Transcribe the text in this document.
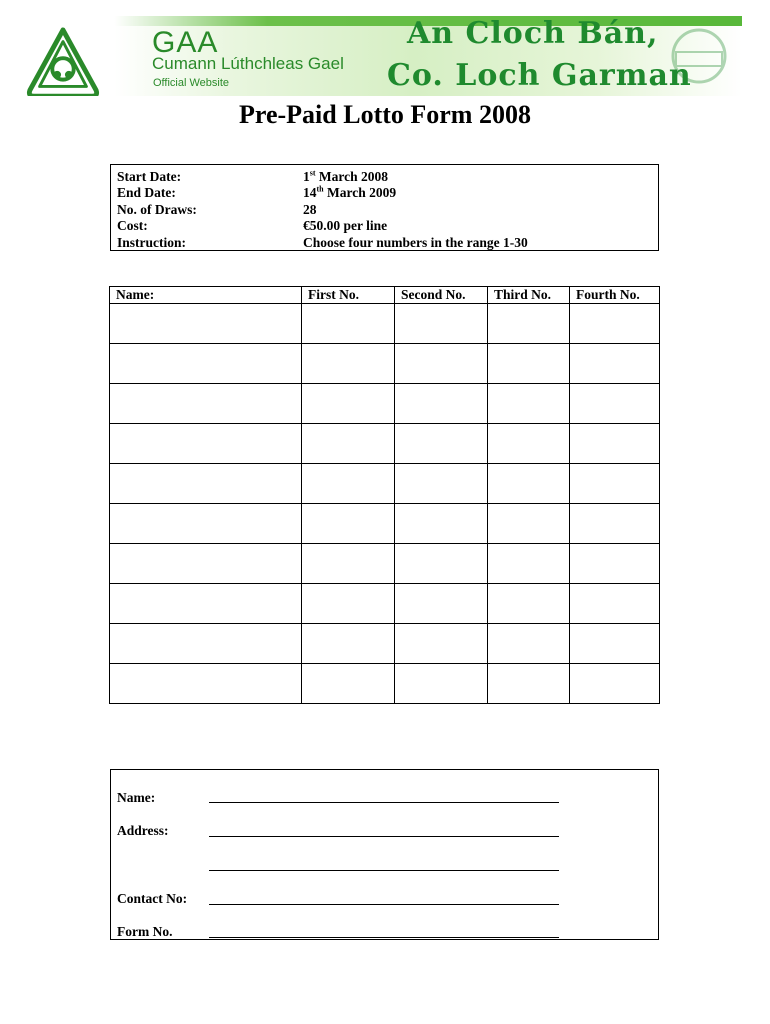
GAA
Cumann Lúthchleas Gael
Official Website
An Cloch Bán,
Co. Loch Garman
Pre-Paid Lotto Form 2008
Start Date:	1st March 2008
End Date:	14th March 2009
No. of Draws:	28
Cost:	€50.00 per line
Instruction:	Choose four numbers in the range 1-30
Name:	First No.	Second No.	Third No.	Fourth No.

Name:
Address:
Contact No:
Form No.
